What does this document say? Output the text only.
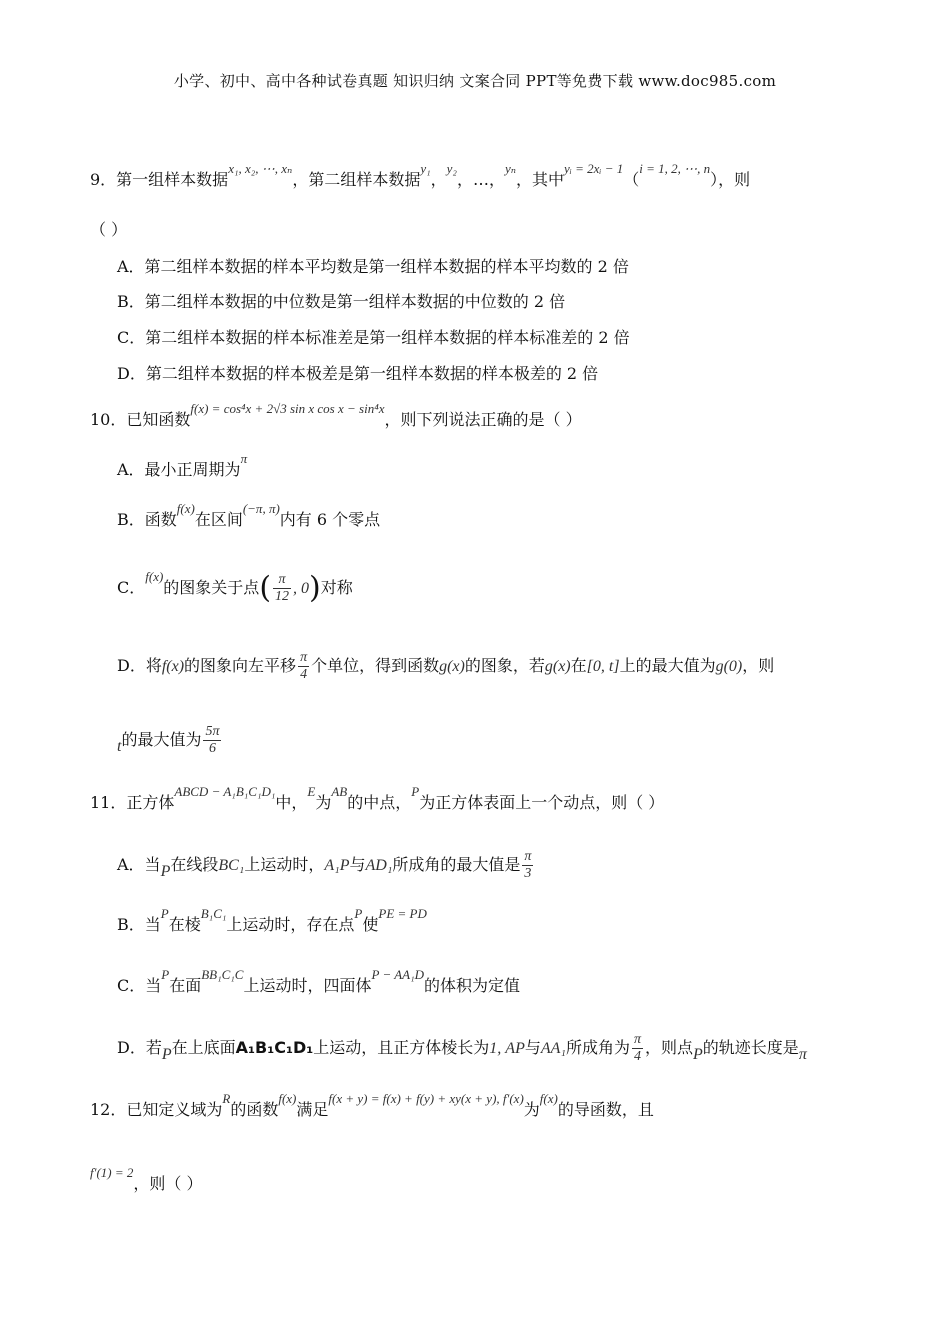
小学、初中、高中各种试卷真题 知识归纳 文案合同 PPT等免费下载 www.doc985.com
9．第一组样本数据$^{x_1, x_2, \cdots, x_n}$，第二组样本数据$^{y_1}$，$^{y_2}$，…，$^{y_n}$，其中$^{yᵢ = 2xᵢ - 1}$（$^{i = 1, 2, \cdots, n}$），则
（ ）
A．第二组样本数据的样本平均数是第一组样本数据的样本平均数的 2 倍
B．第二组样本数据的中位数是第一组样本数据的中位数的 2 倍
C．第二组样本数据的样本标准差是第一组样本数据的样本标准差的 2 倍
D．第二组样本数据的样本极差是第一组样本数据的样本极差的 2 倍
10．已知函数$^{f(x) = cos^4x + 2√3 sin x cos x - sin^4x}$，则下列说法正确的是（ ）
A．最小正周期为$^\pi$
B．函数$^{f(x)}$在区间$^{(-\pi, \pi)}$内有 6 个零点
C．$^{f(x)}$的图象关于点( $\frac{\pi}{12}$ , 0)对称
D．将f(x)的图象向左平移 $\frac{\pi}{4}$ 个单位，得到函数g(x)的图象，若g(x)在[0, t]上的最大值为g(0)，则
t的最大值为 $\frac{5\pi}{6}$
11．正方体$^{ABCD - A_1B_1C_1D_1}$中，$^E$为$^{AB}$的中点，$^P$为正方体表面上一个动点，则（ ）
A．当P在线段BC₁上运动时，A₁P与AD₁所成角的最大值是 $\frac{\pi}{3}$
B．当$^P$在棱$^{B_1C_1}$上运动时，存在点$^P$使$^{PE = PD}$
C．当$^P$在面$^{BB_1C_1C}$上运动时，四面体$^{P - AA_1D}$的体积为定值
D．若P在上底面A₁B₁C₁D₁上运动，且正方体棱长为1, AP与AA₁所成角为 $\frac{\pi}{4}$ ，则点P的轨迹长度是π
12．已知定义域为$^R$的函数$^{f(x)}$满足$^{f(x + y) = f(x) + f(y) + xy(x + y), f'(x)}$为$^{f(x)}$的导函数，且
$^{f'(1) = 2}$，则（ ）
